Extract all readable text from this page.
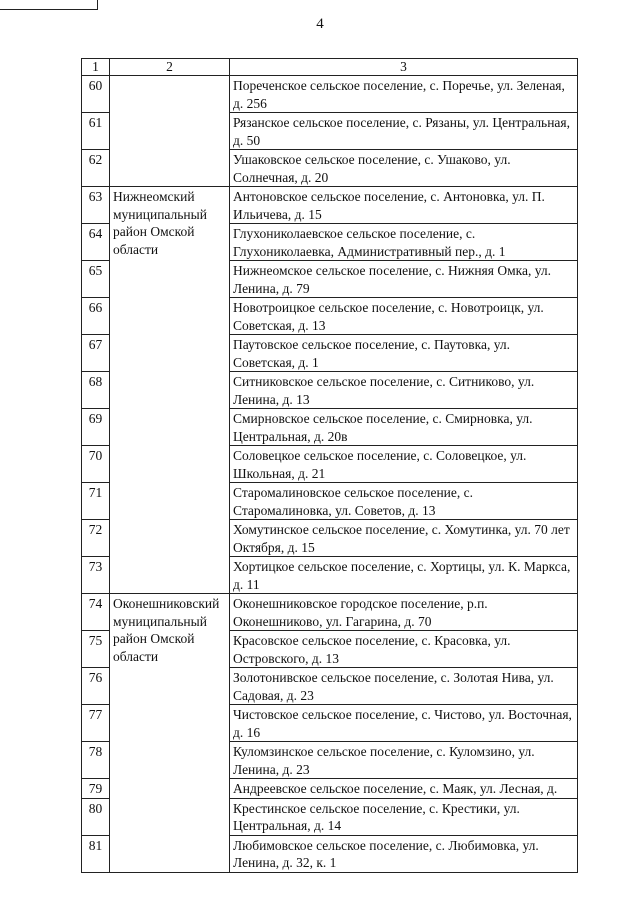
4
1	2	3
60		Пореченское сельское поселение, с. Поречье, ул. Зеленая, д. 256
61		Рязанское сельское поселение, с. Рязаны, ул. Центральная, д. 50
62		Ушаковское сельское поселение, с. Ушаково, ул. Солнечная, д. 20
63	Нижнеомский муниципальный район Омской области	Антоновское сельское поселение, с. Антоновка, ул. П. Ильичева, д. 15
64		Глухониколаевское сельское поселение, с. Глухониколаевка, Административный пер., д. 1
65		Нижнеомское сельское поселение, с. Нижняя Омка, ул. Ленина, д. 79
66		Новотроицкое сельское поселение, с. Новотроицк, ул. Советская, д. 13
67		Паутовское сельское поселение, с. Паутовка, ул. Советская, д. 1
68		Ситниковское сельское поселение, с. Ситниково, ул. Ленина, д. 13
69		Смирновское сельское поселение, с. Смирновка, ул. Центральная, д. 20в
70		Соловецкое сельское поселение, с. Соловецкое, ул. Школьная, д. 21
71		Старомалиновское сельское поселение, с. Старомалиновка, ул. Советов, д. 13
72		Хомутинское сельское поселение, с. Хомутинка, ул. 70 лет Октября, д. 15
73		Хортицкое сельское поселение, с. Хортицы, ул. К. Маркса, д. 11
74	Оконешниковский муниципальный район Омской области	Оконешниковское городское поселение, р.п. Оконешниково, ул. Гагарина, д. 70
75		Красовское сельское поселение, с. Красовка, ул. Островского, д. 13
76		Золотонивское сельское поселение, с. Золотая Нива, ул. Садовая, д. 23
77		Чистовское сельское поселение, с. Чистово, ул. Восточная, д. 16
78		Куломзинское сельское поселение, с. Куломзино, ул. Ленина, д. 23
79		Андреевское сельское поселение, с. Маяк, ул. Лесная, д.
80		Крестинское сельское поселение, с. Крестики, ул. Центральная, д. 14
81		Любимовское сельское поселение, с. Любимовка, ул. Ленина, д. 32, к. 1
